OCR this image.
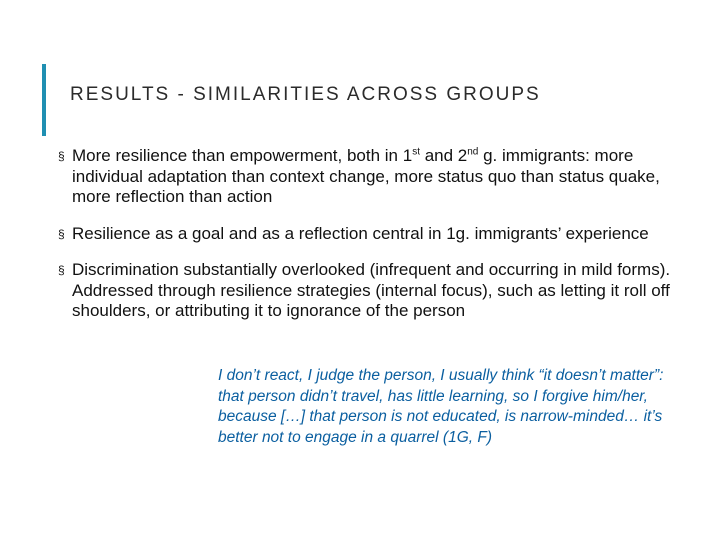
RESULTS - SIMILARITIES ACROSS GROUPS
§ More resilience than empowerment, both in 1st and 2nd g. immigrants: more individual adaptation than context change, more status quo than status quake, more reflection than action
§ Resilience as a goal and as a reflection central in 1g. immigrants’ experience
§ Discrimination substantially overlooked (infrequent and occurring in mild forms). Addressed through resilience strategies (internal focus), such as letting it roll off shoulders, or attributing it to ignorance of the person
I don’t react, I judge the person, I usually think “it doesn’t matter”: that person didn’t travel, has little learning, so I forgive him/her, because […] that person is not educated, is narrow-minded… it’s better not to engage in a quarrel (1G, F)
